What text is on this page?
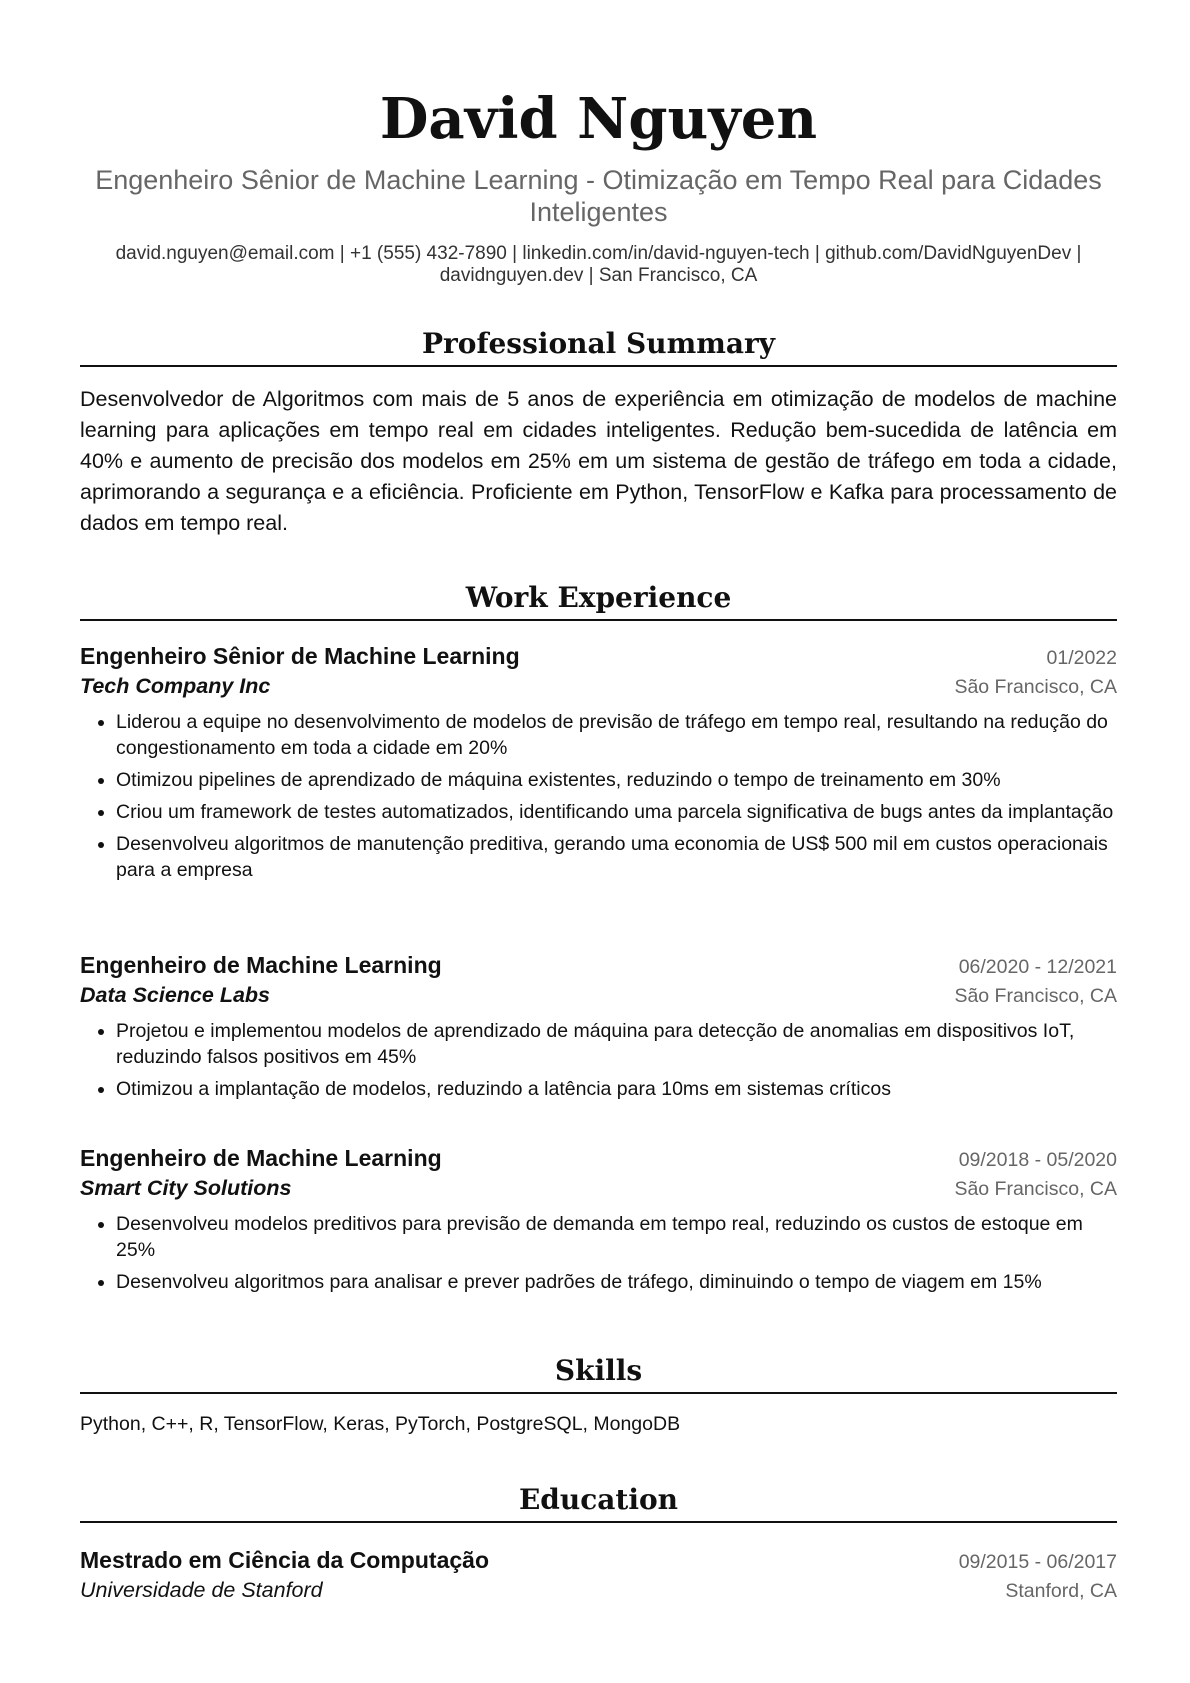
David Nguyen
Engenheiro Sênior de Machine Learning - Otimização em Tempo Real para Cidades Inteligentes
david.nguyen@email.com | +1 (555) 432-7890 | linkedin.com/in/david-nguyen-tech | github.com/DavidNguyenDev | davidnguyen.dev | San Francisco, CA
Professional Summary
Desenvolvedor de Algoritmos com mais de 5 anos de experiência em otimização de modelos de machine learning para aplicações em tempo real em cidades inteligentes. Redução bem-sucedida de latência em 40% e aumento de precisão dos modelos em 25% em um sistema de gestão de tráfego em toda a cidade, aprimorando a segurança e a eficiência. Proficiente em Python, TensorFlow e Kafka para processamento de dados em tempo real.
Work Experience
Engenheiro Sênior de Machine Learning	01/2022
Tech Company Inc	São Francisco, CA
• Liderou a equipe no desenvolvimento de modelos de previsão de tráfego em tempo real, resultando na redução do congestionamento em toda a cidade em 20%
• Otimizou pipelines de aprendizado de máquina existentes, reduzindo o tempo de treinamento em 30%
• Criou um framework de testes automatizados, identificando uma parcela significativa de bugs antes da implantação
• Desenvolveu algoritmos de manutenção preditiva, gerando uma economia de US$ 500 mil em custos operacionais para a empresa
Engenheiro de Machine Learning	06/2020 - 12/2021
Data Science Labs	São Francisco, CA
• Projetou e implementou modelos de aprendizado de máquina para detecção de anomalias em dispositivos IoT, reduzindo falsos positivos em 45%
• Otimizou a implantação de modelos, reduzindo a latência para 10ms em sistemas críticos
Engenheiro de Machine Learning	09/2018 - 05/2020
Smart City Solutions	São Francisco, CA
• Desenvolveu modelos preditivos para previsão de demanda em tempo real, reduzindo os custos de estoque em 25%
• Desenvolveu algoritmos para analisar e prever padrões de tráfego, diminuindo o tempo de viagem em 15%
Skills
Python, C++, R, TensorFlow, Keras, PyTorch, PostgreSQL, MongoDB
Education
Mestrado em Ciência da Computação	09/2015 - 06/2017
Universidade de Stanford	Stanford, CA
